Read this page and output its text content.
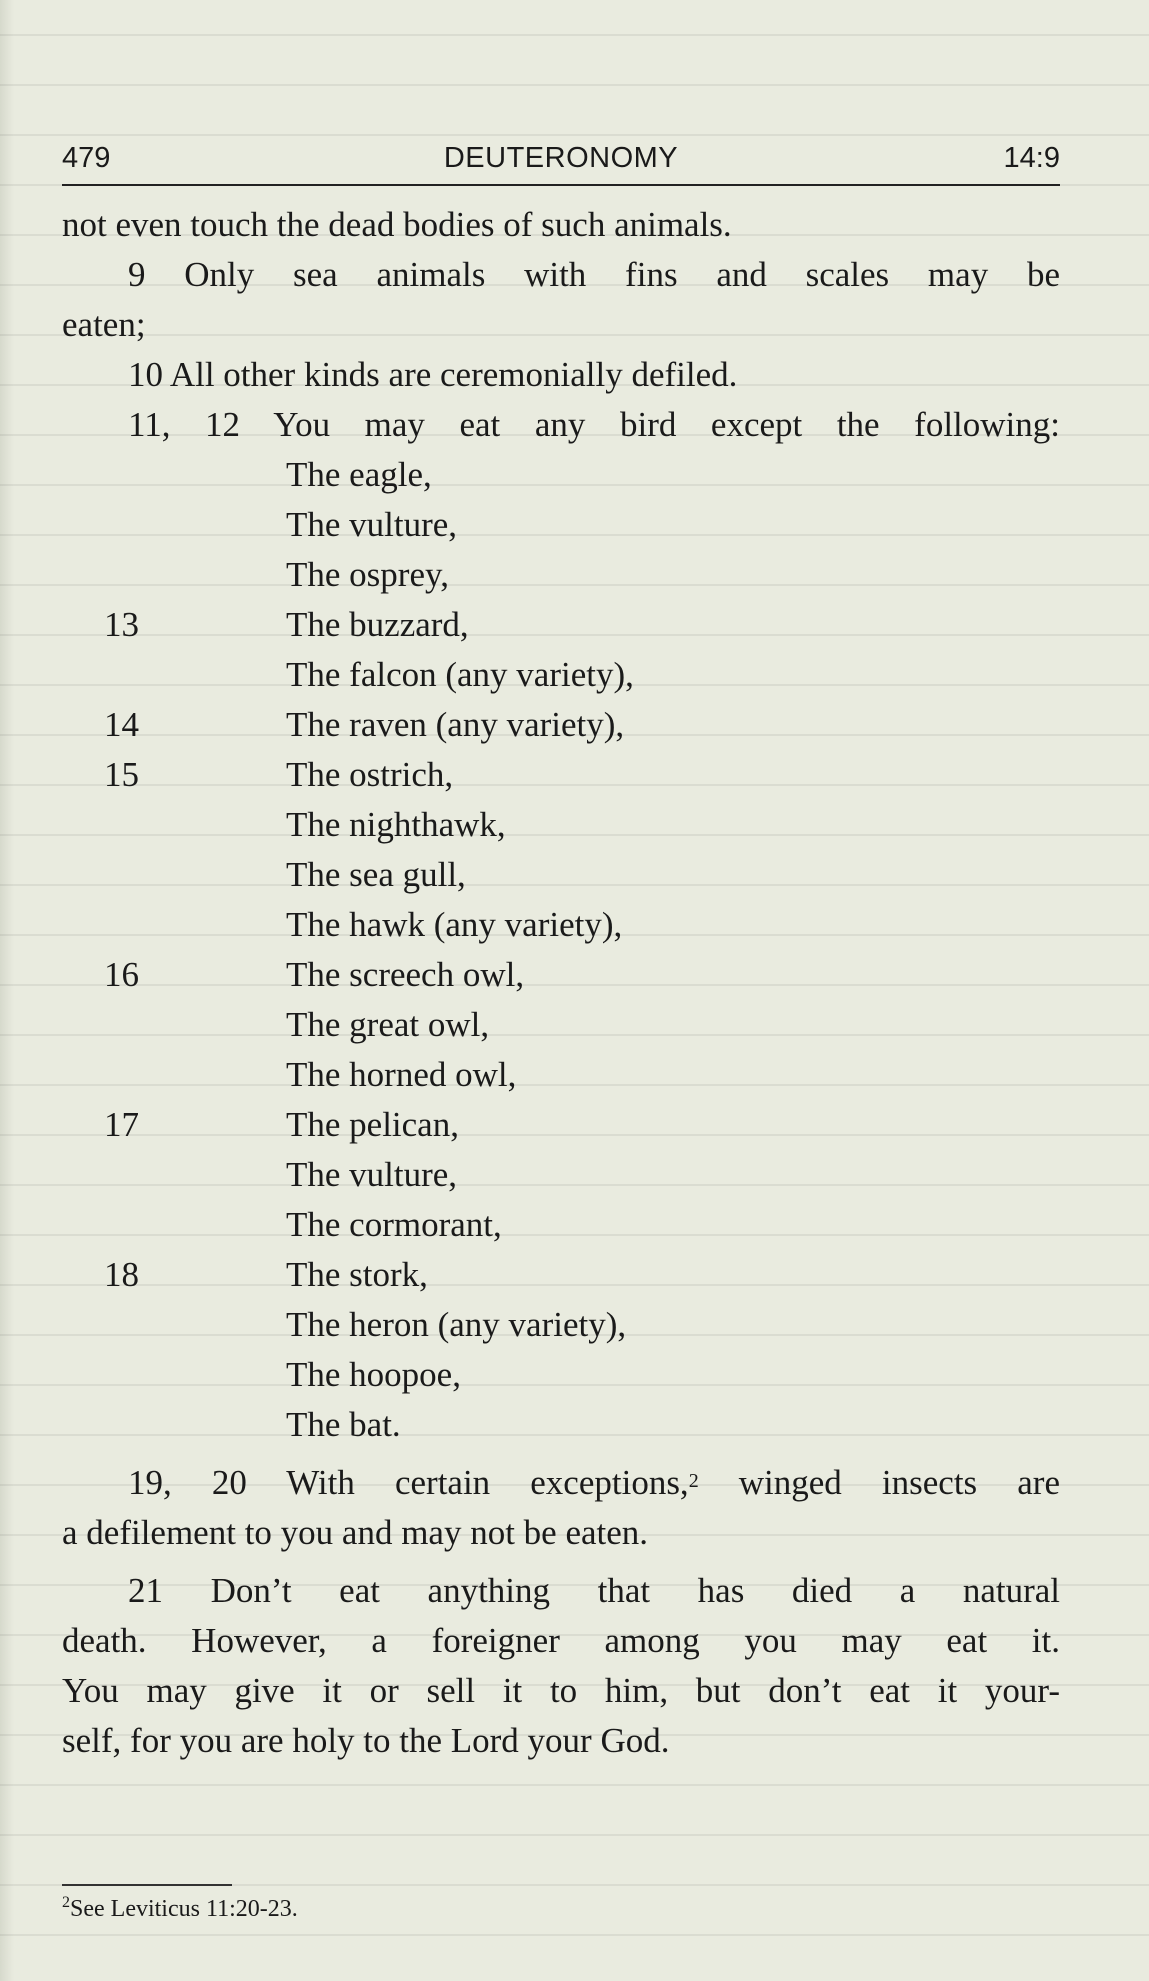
479	DEUTERONOMY	14:9
not even touch the dead bodies of such animals.
9 Only sea animals with fins and scales may be
eaten;
10 All other kinds are ceremonially defiled.
11, 12 You may eat any bird except the following:
The eagle,
The vulture,
The osprey,
13	The buzzard,
The falcon (any variety),
14	The raven (any variety),
15	The ostrich,
The nighthawk,
The sea gull,
The hawk (any variety),
16	The screech owl,
The great owl,
The horned owl,
17	The pelican,
The vulture,
The cormorant,
18	The stork,
The heron (any variety),
The hoopoe,
The bat.
19, 20 With certain exceptions,$^2$ winged insects are
a defilement to you and may not be eaten.
21 Don’t eat anything that has died a natural
death. However, a foreigner among you may eat it.
You may give it or sell it to him, but don’t eat it your-
self, for you are holy to the Lord your God.
$^2$See Leviticus 11:20-23.
